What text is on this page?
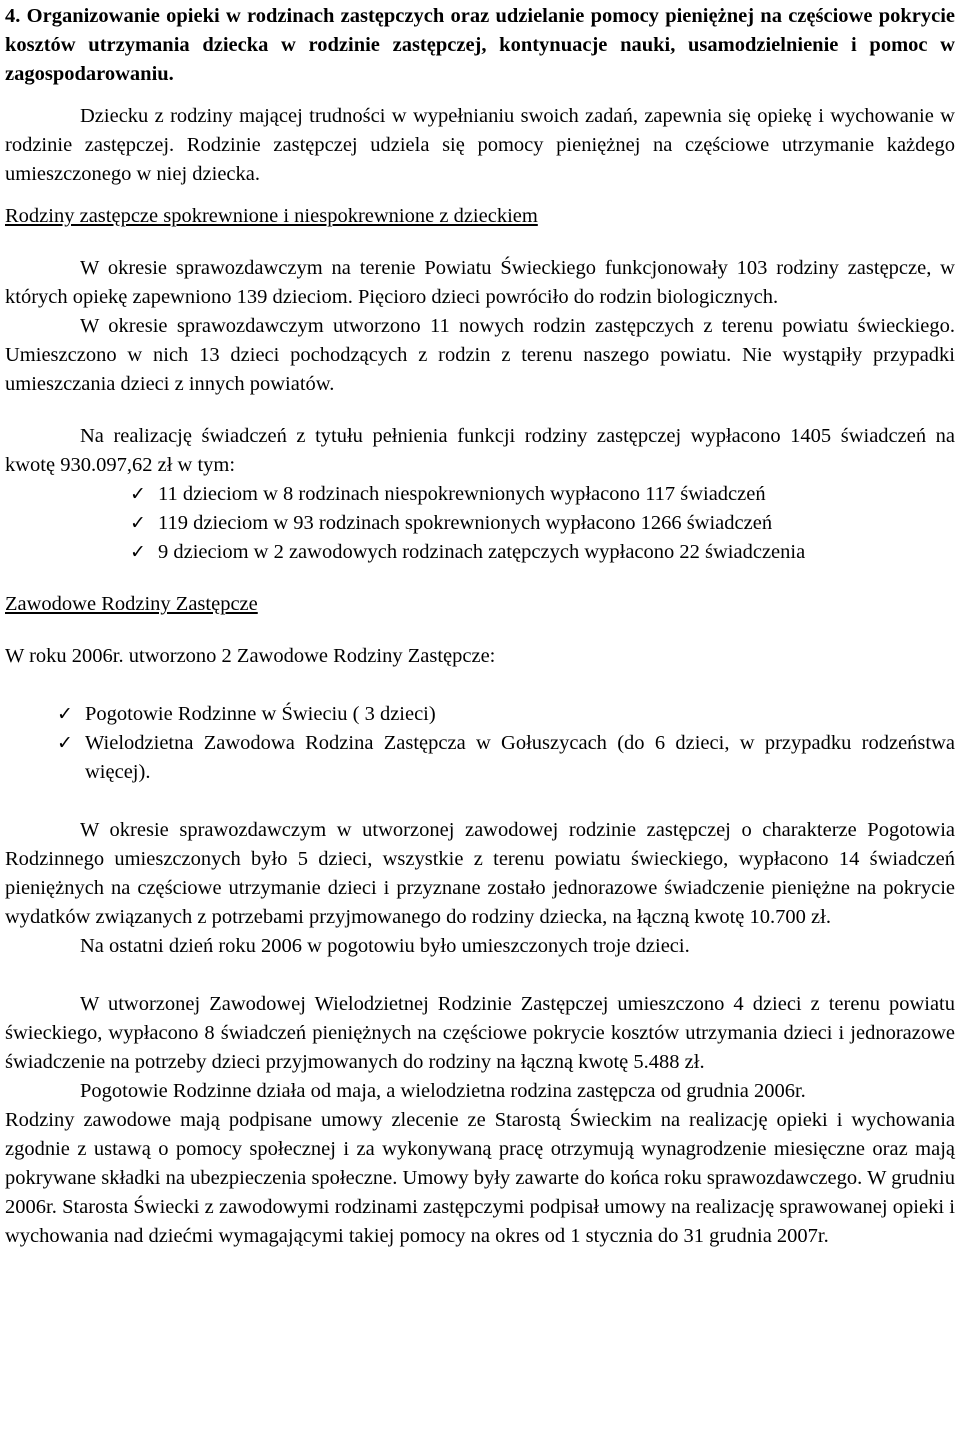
4. Organizowanie opieki w rodzinach zastępczych oraz udzielanie pomocy pieniężnej na częściowe pokrycie kosztów utrzymania dziecka w rodzinie zastępczej, kontynuacje nauki, usamodzielnienie i pomoc w zagospodarowaniu.

Dziecku z rodziny mającej trudności w wypełnianiu swoich zadań, zapewnia się opiekę i wychowanie w rodzinie zastępczej. Rodzinie zastępczej udziela się pomocy pieniężnej na częściowe utrzymanie każdego umieszczonego w niej dziecka.

Rodziny zastępcze spokrewnione i niespokrewnione z dzieckiem

W okresie sprawozdawczym na terenie Powiatu Świeckiego funkcjonowały 103 rodziny zastępcze, w których opiekę zapewniono 139 dzieciom. Pięcioro dzieci powróciło do rodzin biologicznych.

W okresie sprawozdawczym utworzono 11 nowych rodzin zastępczych z terenu powiatu świeckiego. Umieszczono w nich 13 dzieci pochodzących z rodzin z terenu naszego powiatu. Nie wystąpiły przypadki umieszczania dzieci z innych powiatów.

Na realizację świadczeń z tytułu pełnienia funkcji rodziny zastępczej wypłacono 1405 świadczeń na kwotę 930.097,62 zł w tym:

✓ 11 dzieciom w 8 rodzinach niespokrewnionych wypłacono 117 świadczeń
✓ 119 dzieciom w 93 rodzinach spokrewnionych wypłacono 1266 świadczeń
✓ 9 dzieciom w 2 zawodowych rodzinach zatępczych wypłacono 22 świadczenia

Zawodowe Rodziny Zastępcze

W roku 2006r. utworzono 2 Zawodowe Rodziny Zastępcze:

✓ Pogotowie Rodzinne w Świeciu ( 3 dzieci)
✓ Wielodzietna Zawodowa Rodzina Zastępcza w Gołuszycach (do 6 dzieci, w przypadku rodzeństwa więcej).

W okresie sprawozdawczym w utworzonej zawodowej rodzinie zastępczej o charakterze Pogotowia Rodzinnego umieszczonych było 5 dzieci, wszystkie z terenu powiatu świeckiego, wypłacono 14 świadczeń pieniężnych na częściowe utrzymanie dzieci i przyznane zostało jednorazowe świadczenie pieniężne na pokrycie wydatków związanych z potrzebami przyjmowanego do rodziny dziecka, na łączną kwotę 10.700 zł.

Na ostatni dzień roku 2006 w pogotowiu było umieszczonych troje dzieci.

W utworzonej Zawodowej Wielodzietnej Rodzinie Zastępczej umieszczono 4 dzieci z terenu powiatu świeckiego, wypłacono 8 świadczeń pieniężnych na częściowe pokrycie kosztów utrzymania dzieci i jednorazowe świadczenie na potrzeby dzieci przyjmowanych do rodziny na łączną kwotę 5.488 zł.

Pogotowie Rodzinne działa od maja, a wielodzietna rodzina zastępcza od grudnia 2006r.

Rodziny zawodowe mają podpisane umowy zlecenie ze Starostą Świeckim na realizację opieki i wychowania zgodnie z ustawą o pomocy społecznej i za wykonywaną pracę otrzymują wynagrodzenie miesięczne oraz mają pokrywane składki na ubezpieczenia społeczne. Umowy były zawarte do końca roku sprawozdawczego. W grudniu 2006r. Starosta Świecki z zawodowymi rodzinami zastępczymi podpisał umowy na realizację sprawowanej opieki i wychowania nad dziećmi wymagającymi takiej pomocy na okres od 1 stycznia do 31 grudnia 2007r.
